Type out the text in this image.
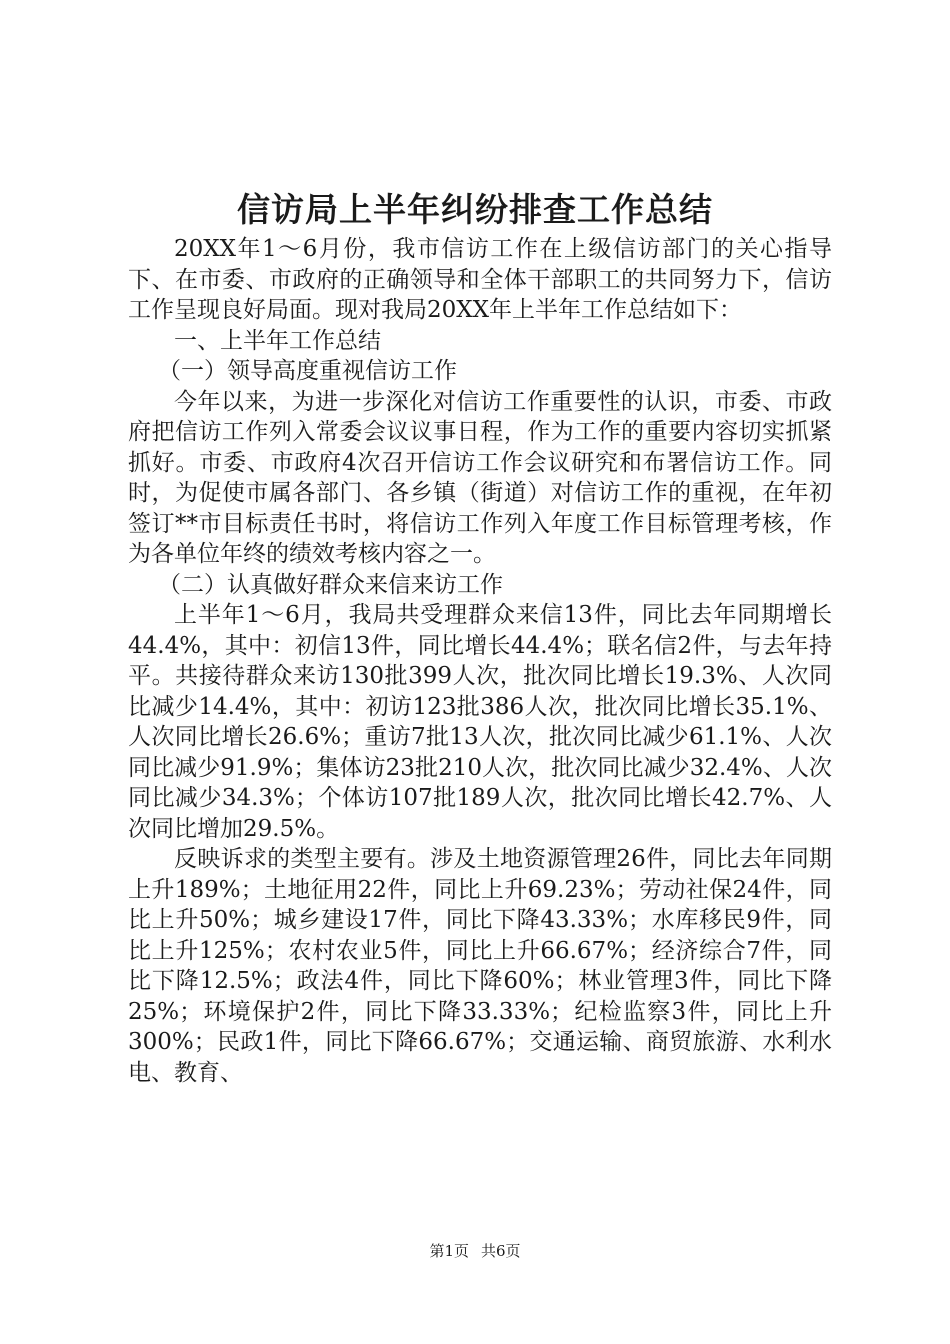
信访局上半年纠纷排查工作总结

20XX年1～6月份，我市信访工作在上级信访部门的关心指导下、在市委、市政府的正确领导和全体干部职工的共同努力下，信访工作呈现良好局面。现对我局20XX年上半年工作总结如下：

一、上半年工作总结

（一）领导高度重视信访工作

今年以来，为进一步深化对信访工作重要性的认识，市委、市政府把信访工作列入常委会议议事日程，作为工作的重要内容切实抓紧抓好。市委、市政府4次召开信访工作会议研究和布署信访工作。同时，为促使市属各部门、各乡镇（街道）对信访工作的重视，在年初签订**市目标责任书时，将信访工作列入年度工作目标管理考核，作为各单位年终的绩效考核内容之一。

（二）认真做好群众来信来访工作

上半年1～6月，我局共受理群众来信13件，同比去年同期增长44.4%，其中：初信13件，同比增长44.4%；联名信2件，与去年持平。共接待群众来访130批399人次，批次同比增长19.3%、人次同比减少14.4%，其中：初访123批386人次，批次同比增长35.1%、人次同比增长26.6%；重访7批13人次，批次同比减少61.1%、人次同比减少91.9%；集体访23批210人次，批次同比减少32.4%、人次同比减少34.3%；个体访107批189人次，批次同比增长42.7%、人次同比增加29.5%。

反映诉求的类型主要有。涉及土地资源管理26件，同比去年同期上升189%；土地征用22件，同比上升69.23%；劳动社保24件，同比上升50%；城乡建设17件，同比下降43.33%；水库移民9件，同比上升125%；农村农业5件，同比上升66.67%；经济综合7件，同比下降12.5%；政法4件，同比下降60%；林业管理3件，同比下降25%；环境保护2件，同比下降33.33%；纪检监察3件，同比上升300%；民政1件，同比下降66.67%；交通运输、商贸旅游、水利水电、教育、

第1页 共6页
